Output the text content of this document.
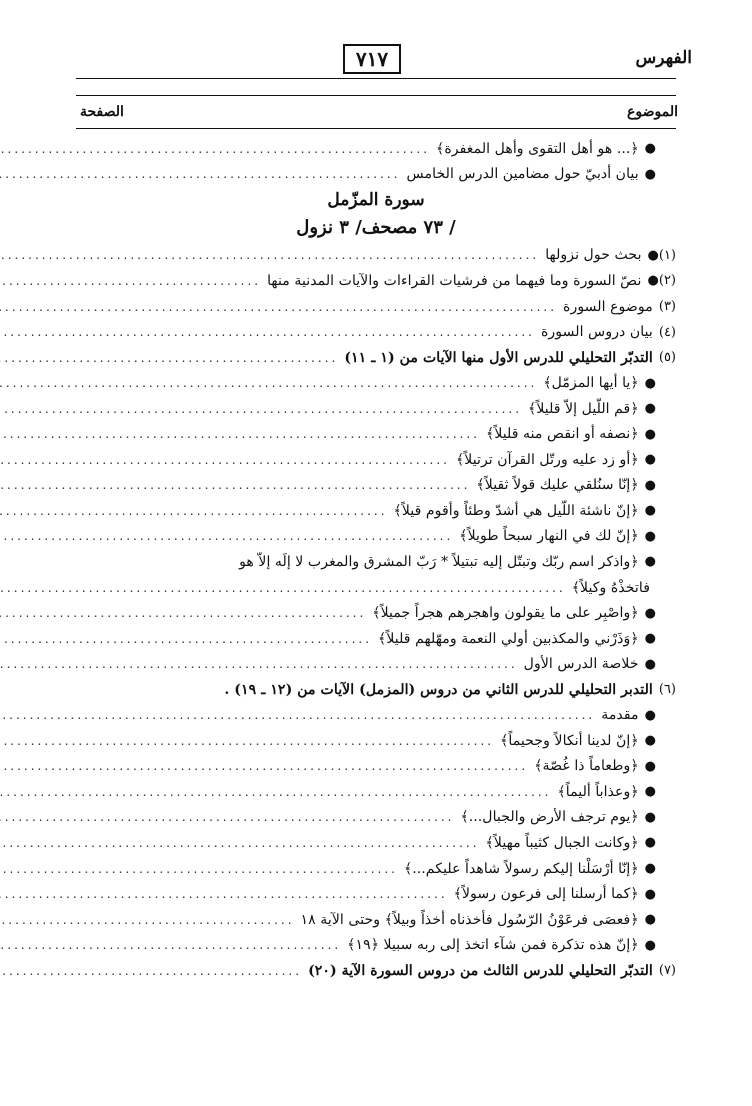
الفهرس
٧١٧
الموضوع
الصفحة
●
﴿... هو أهل التقوى وأهل المغفرة﴾
.....
●
بيان أدبيّ حول مضامين الدرس الخامس
.....
سورة المزّمل
/ ٧٣ مصحف/ ٣ نزول
(١)●
بحث حول نزولها
.....
(٢)●
نصّ السورة وما فيهما من فرشيات القراءات والآيات المدنية منها
.....
(٣)
موضوع السورة
.....
(٤)
بيان دروس السورة
.....
(٥)
التدبّر التحليلي للدرس الأول منها الآيات من (١ ـ ١١)
.....
●
﴿يا أيها المزمّل﴾
.....
●
﴿قم اللّيل إلاّ قليلاً﴾
.....
●
﴿نصفه أو انقص منه قليلاً﴾
.....
●
﴿أو زد عليه ورتّل القرآن ترتيلاً﴾
.....
●
﴿إنّا سنُلقي عليك قولاً ثقيلاً﴾
.....
●
﴿إنّ ناشئة اللّيل هي أشدّ وطئاً وأقوم قيلاً﴾
.....
●
﴿إنّ لك في النهار سبحاً طويلاً﴾
.....
●
﴿واذكر اسم ربّك وتبتّل إليه تبتيلاً * رَبّ المشرق والمغرب لا إلَه إلاّ هو
فاتخذْهُ وكيلاً﴾
.....
●
﴿واصْبِر على ما يقولون واهجرهم هجراً جميلاً﴾
.....
●
﴿وَذَرْني والمكذبين أولي النعمة ومهّلهم قليلاً﴾
.....
●
خلاصة الدرس الأول
.....
(٦)
التدبر التحليلي للدرس الثاني من دروس (المزمل) الآيات من (١٢ ـ ١٩) .
●
مقدمة
.....
●
﴿إنّ لدينا أنكالاً وجحيماً﴾
.....
●
﴿وطعاماً ذا غُصّة﴾
.....
●
﴿وعذاباً أليماً﴾
.....
●
﴿يوم ترجف الأرض والجبال...﴾
.....
●
﴿وكانت الجبال كثيباً مهيلاً﴾
.....
●
﴿إنّا أرْسَلْنا إليكم رسولاً شاهداً عليكم...﴾
.....
●
﴿كما أرسلنا إلى فرعون رسولاً﴾
.....
●
﴿فعصَى فرعَوْنُ الرّسُول فأخذناه أخذاً وبيلاً﴾ وحتى الآية ١٨
.....
●
﴿إنّ هذه تذكرة فمن شآء اتخذ إلى ربه سبيلا ﴿١٩﴾
.....
(٧)
التدبّر التحليلي للدرس الثالث من دروس السورة الآية (٢٠)
.....
